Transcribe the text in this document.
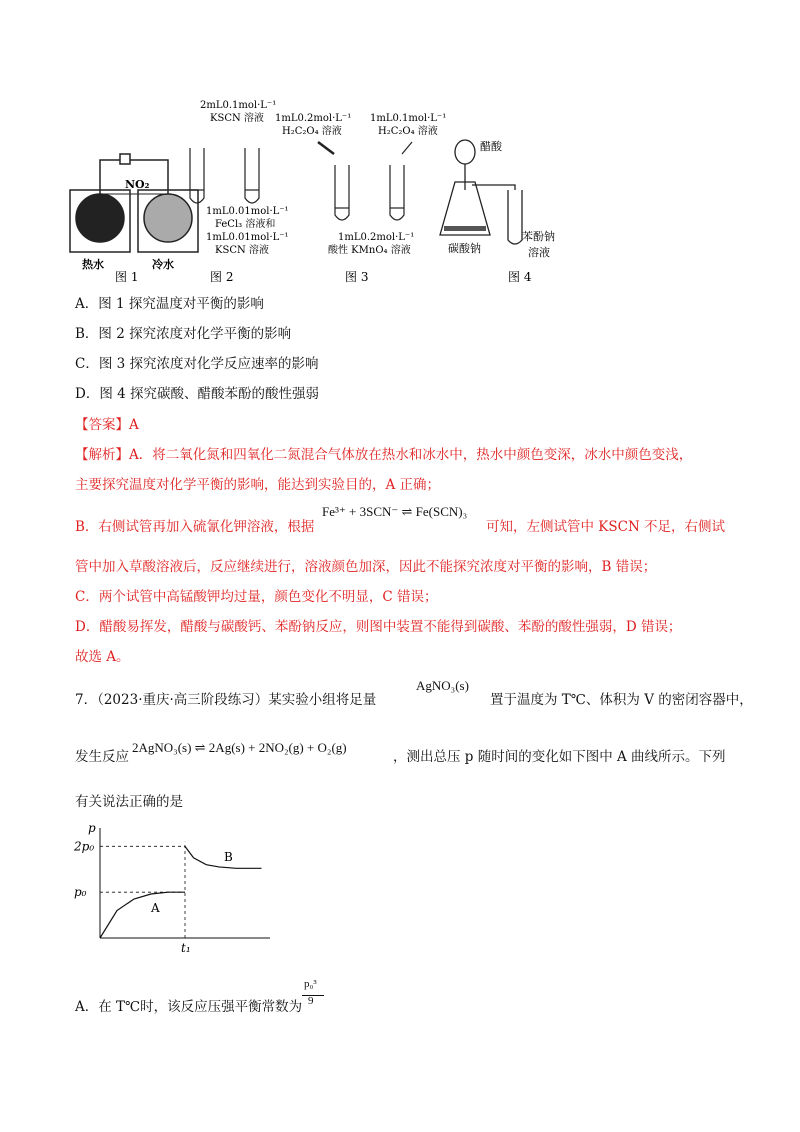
NO₂
热水	冷水
2mL0.1mol·L⁻¹
KSCN 溶液
1mL0.01mol·L⁻¹
FeCl₃ 溶液和
1mL0.01mol·L⁻¹
KSCN 溶液
1mL0.2mol·L⁻¹
H₂C₂O₄ 溶液
1mL0.1mol·L⁻¹
H₂C₂O₄ 溶液
1mL0.2mol·L⁻¹
酸性 KMnO₄ 溶液
醋酸
碳酸钠
苯酚钠
溶液
图 1	图 2	图 3	图 4
A．图 1 探究温度对平衡的影响
B．图 2 探究浓度对化学平衡的影响
C．图 3 探究浓度对化学反应速率的影响
D．图 4 探究碳酸、醋酸苯酚的酸性强弱
【答案】A
【解析】A．将二氧化氮和四氧化二氮混合气体放在热水和冰水中，热水中颜色变深，冰水中颜色变浅，
主要探究温度对化学平衡的影响，能达到实验目的，A 正确；
B．右侧试管再加入硫氰化钾溶液，根据
Fe³⁺ + 3SCN⁻ ⇌ Fe(SCN)₃
可知，左侧试管中 KSCN 不足，右侧试
管中加入草酸溶液后，反应继续进行，溶液颜色加深，因此不能探究浓度对平衡的影响，B 错误；
C．两个试管中高锰酸钾均过量，颜色变化不明显，C 错误；
D．醋酸易挥发，醋酸与碳酸钙、苯酚钠反应，则图中装置不能得到碳酸、苯酚的酸性强弱，D 错误；
故选 A。
7．（2023·重庆·高三阶段练习）某实验小组将足量
AgNO₃(s)
置于温度为 T℃、体积为 V 的密闭容器中，
发生反应
2AgNO₃(s) ⇌ 2Ag(s) + 2NO₂(g) + O₂(g)
，测出总压 p 随时间的变化如下图中 A 曲线所示。下列
有关说法正确的是
p
p₀
2p₀
t₁
A
B
A．在 T℃时，该反应压强平衡常数为
p₀³
9
